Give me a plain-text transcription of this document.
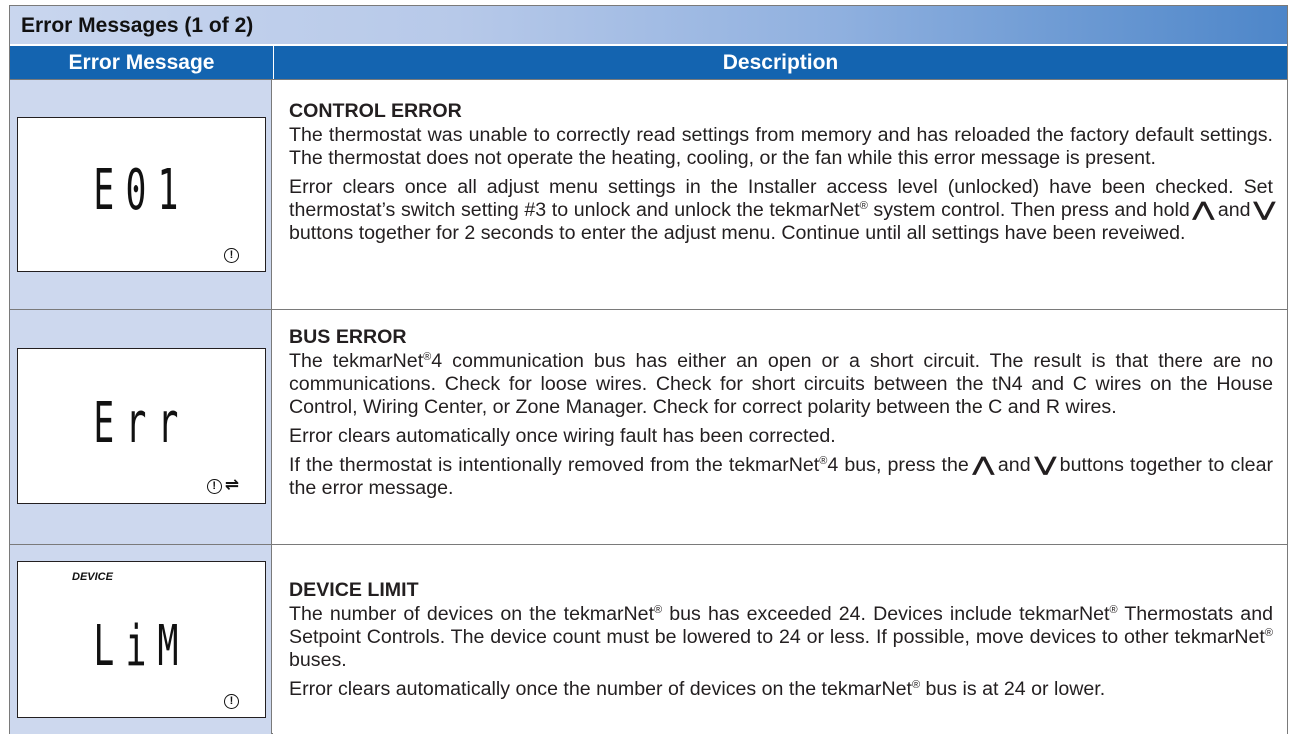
Error Messages (1 of 2)
Error Message	Description
E01
!
CONTROL ERROR

The thermostat was unable to correctly read settings from memory and has reloaded the factory default settings. The thermostat does not operate the heating, cooling, or the fan while this error message is present.

Error clears once all adjust menu settings in the Installer access level (unlocked) have been checked. Set thermostat’s switch setting #3 to unlock and unlock the tekmarNet® system control. Then press and hold ⋀ and ⋁ buttons together for 2 seconds to enter the adjust menu. Continue until all settings have been reveiwed.

Err
! ⇌
BUS ERROR

The tekmarNet®4 communication bus has either an open or a short circuit. The result is that there are no communications. Check for loose wires. Check for short circuits between the tN4 and C wires on the House Control, Wiring Center, or Zone Manager. Check for correct polarity between the C and R wires.

Error clears automatically once wiring fault has been corrected.

If the thermostat is intentionally removed from the tekmarNet®4 bus, press the ⋀ and ⋁ buttons together to clear the error message.

DEVICE
LiM
!
DEVICE LIMIT

The number of devices on the tekmarNet® bus has exceeded 24. Devices include tekmarNet® Thermostats and Setpoint Controls. The device count must be lowered to 24 or less. If possible, move devices to other tekmarNet® buses.

Error clears automatically once the number of devices on the tekmarNet® bus is at 24 or lower.
